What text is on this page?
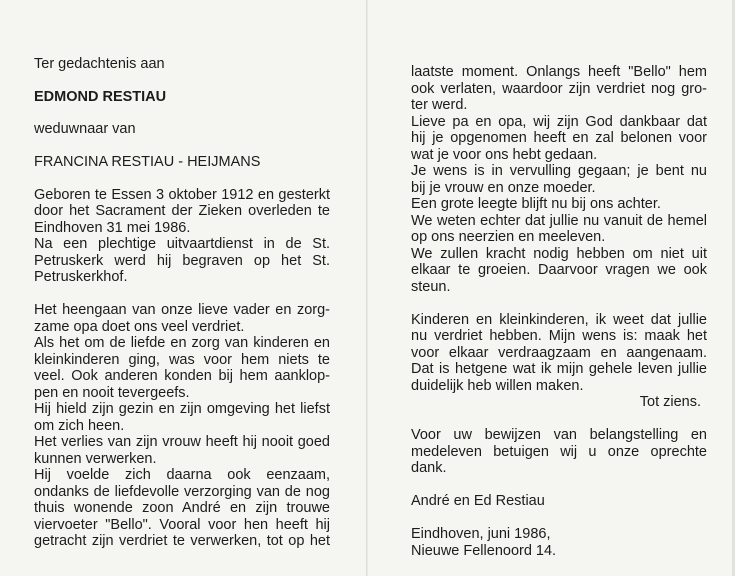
Ter gedachtenis aan
EDMOND RESTIAU
weduwnaar van
FRANCINA RESTIAU - HEIJMANS
Geboren te Essen 3 oktober 1912 en gesterkt
door het Sacrament der Zieken overleden te
Eindhoven 31 mei 1986.
Na een plechtige uitvaartdienst in de St.
Petruskerk werd hij begraven op het St.
Petruskerkhof.
Het heengaan van onze lieve vader en zorg-
zame opa doet ons veel verdriet.
Als het om de liefde en zorg van kinderen en
kleinkinderen ging, was voor hem niets te
veel. Ook anderen konden bij hem aanklop-
pen en nooit tevergeefs.
Hij hield zijn gezin en zijn omgeving het liefst
om zich heen.
Het verlies van zijn vrouw heeft hij nooit goed
kunnen verwerken.
Hij voelde zich daarna ook eenzaam,
ondanks de liefdevolle verzorging van de nog
thuis wonende zoon André en zijn trouwe
viervoeter "Bello". Vooral voor hen heeft hij
getracht zijn verdriet te verwerken, tot op het
laatste moment. Onlangs heeft "Bello" hem
ook verlaten, waardoor zijn verdriet nog gro-
ter werd.
Lieve pa en opa, wij zijn God dankbaar dat
hij je opgenomen heeft en zal belonen voor
wat je voor ons hebt gedaan.
Je wens is in vervulling gegaan; je bent nu
bij je vrouw en onze moeder.
Een grote leegte blijft nu bij ons achter.
We weten echter dat jullie nu vanuit de hemel
op ons neerzien en meeleven.
We zullen kracht nodig hebben om niet uit
elkaar te groeien. Daarvoor vragen we ook
steun.
Kinderen en kleinkinderen, ik weet dat jullie
nu verdriet hebben. Mijn wens is: maak het
voor elkaar verdraagzaam en aangenaam.
Dat is hetgene wat ik mijn gehele leven jullie
duidelijk heb willen maken.
Tot ziens.
Voor uw bewijzen van belangstelling en
medeleven betuigen wij u onze oprechte
dank.
André en Ed Restiau
Eindhoven, juni 1986,
Nieuwe Fellenoord 14.
